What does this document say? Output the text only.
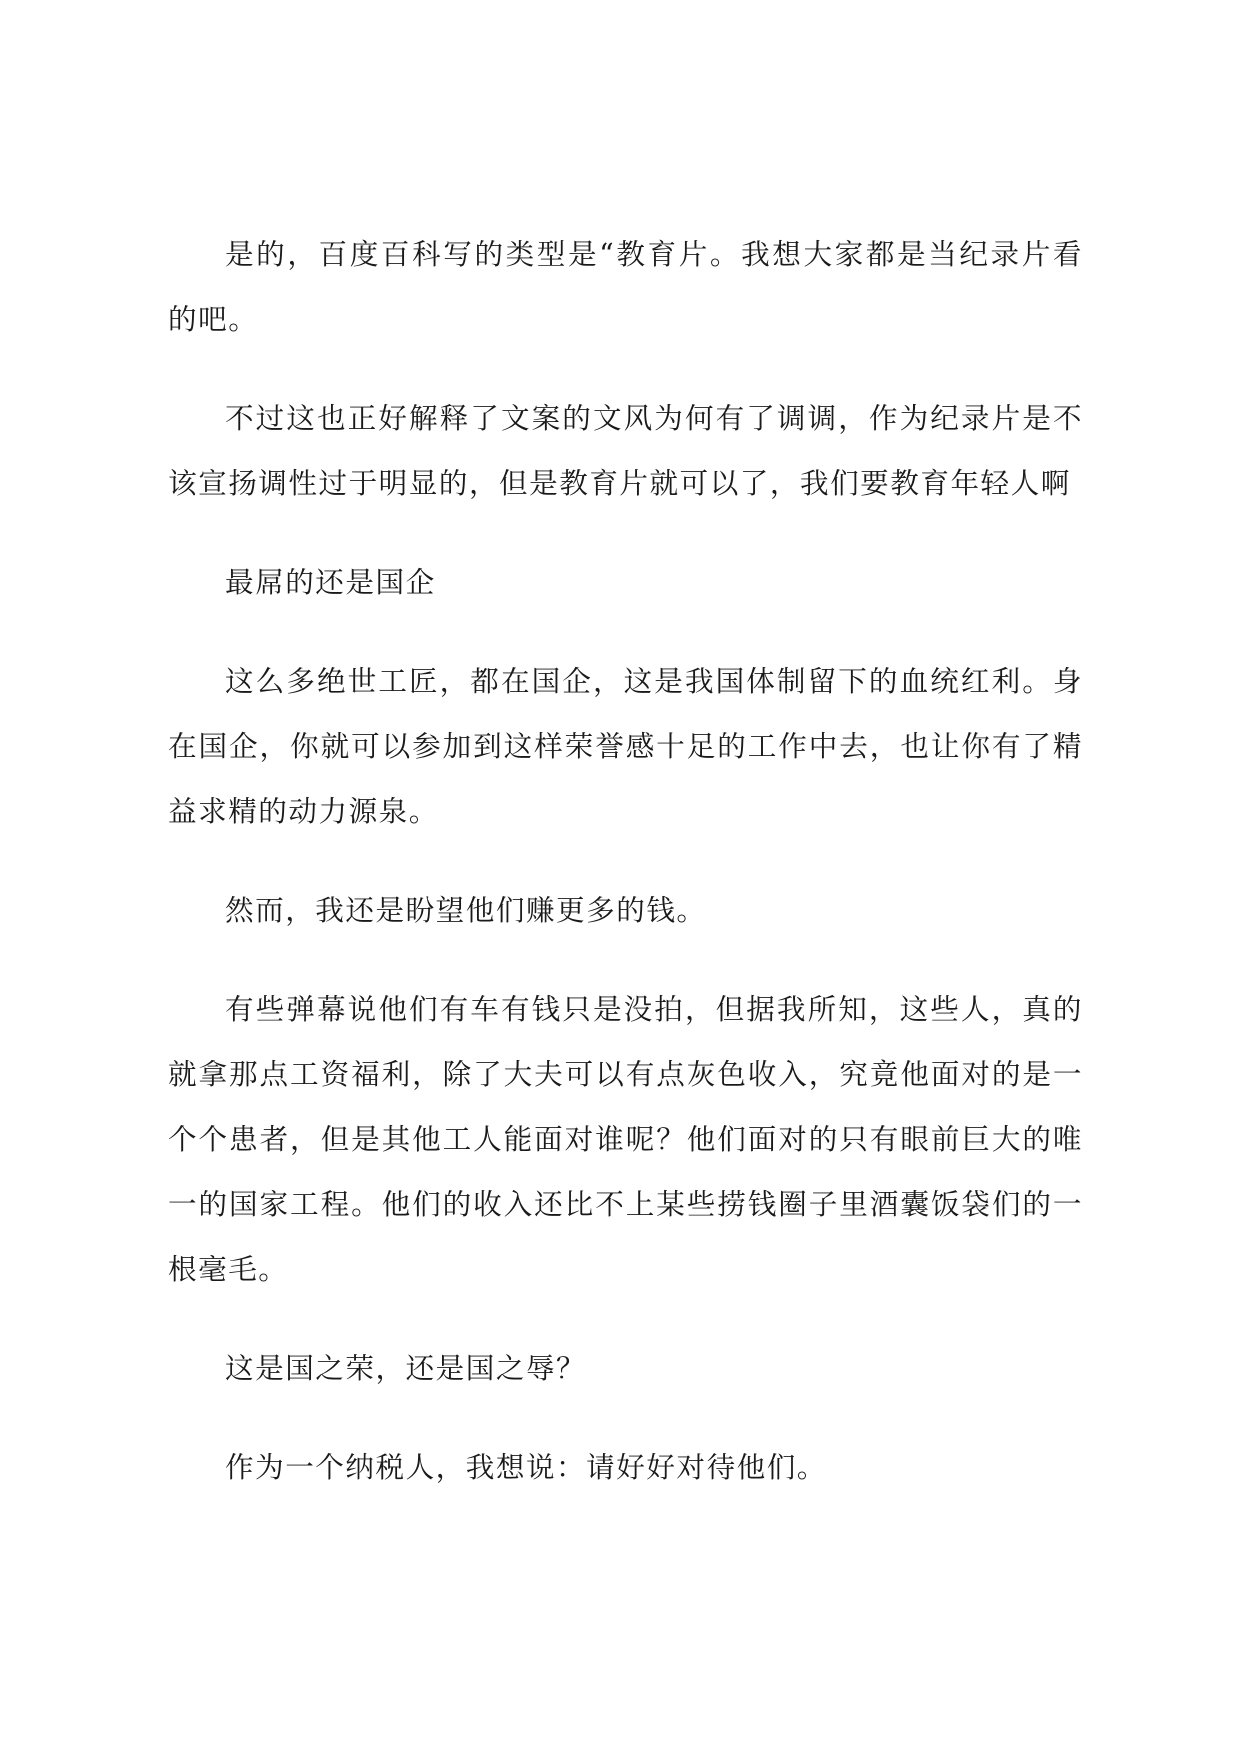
是的，百度百科写的类型是“教育片。我想大家都是当纪录片看的吧。

不过这也正好解释了文案的文风为何有了调调，作为纪录片是不该宣扬调性过于明显的，但是教育片就可以了，我们要教育年轻人啊

最屌的还是国企

这么多绝世工匠，都在国企，这是我国体制留下的血统红利。身在国企，你就可以参加到这样荣誉感十足的工作中去，也让你有了精益求精的动力源泉。

然而，我还是盼望他们赚更多的钱。

有些弹幕说他们有车有钱只是没拍，但据我所知，这些人，真的就拿那点工资福利，除了大夫可以有点灰色收入，究竟他面对的是一个个患者，但是其他工人能面对谁呢？他们面对的只有眼前巨大的唯一的国家工程。他们的收入还比不上某些捞钱圈子里酒囊饭袋们的一根毫毛。

这是国之荣，还是国之辱？

作为一个纳税人，我想说：请好好对待他们。
